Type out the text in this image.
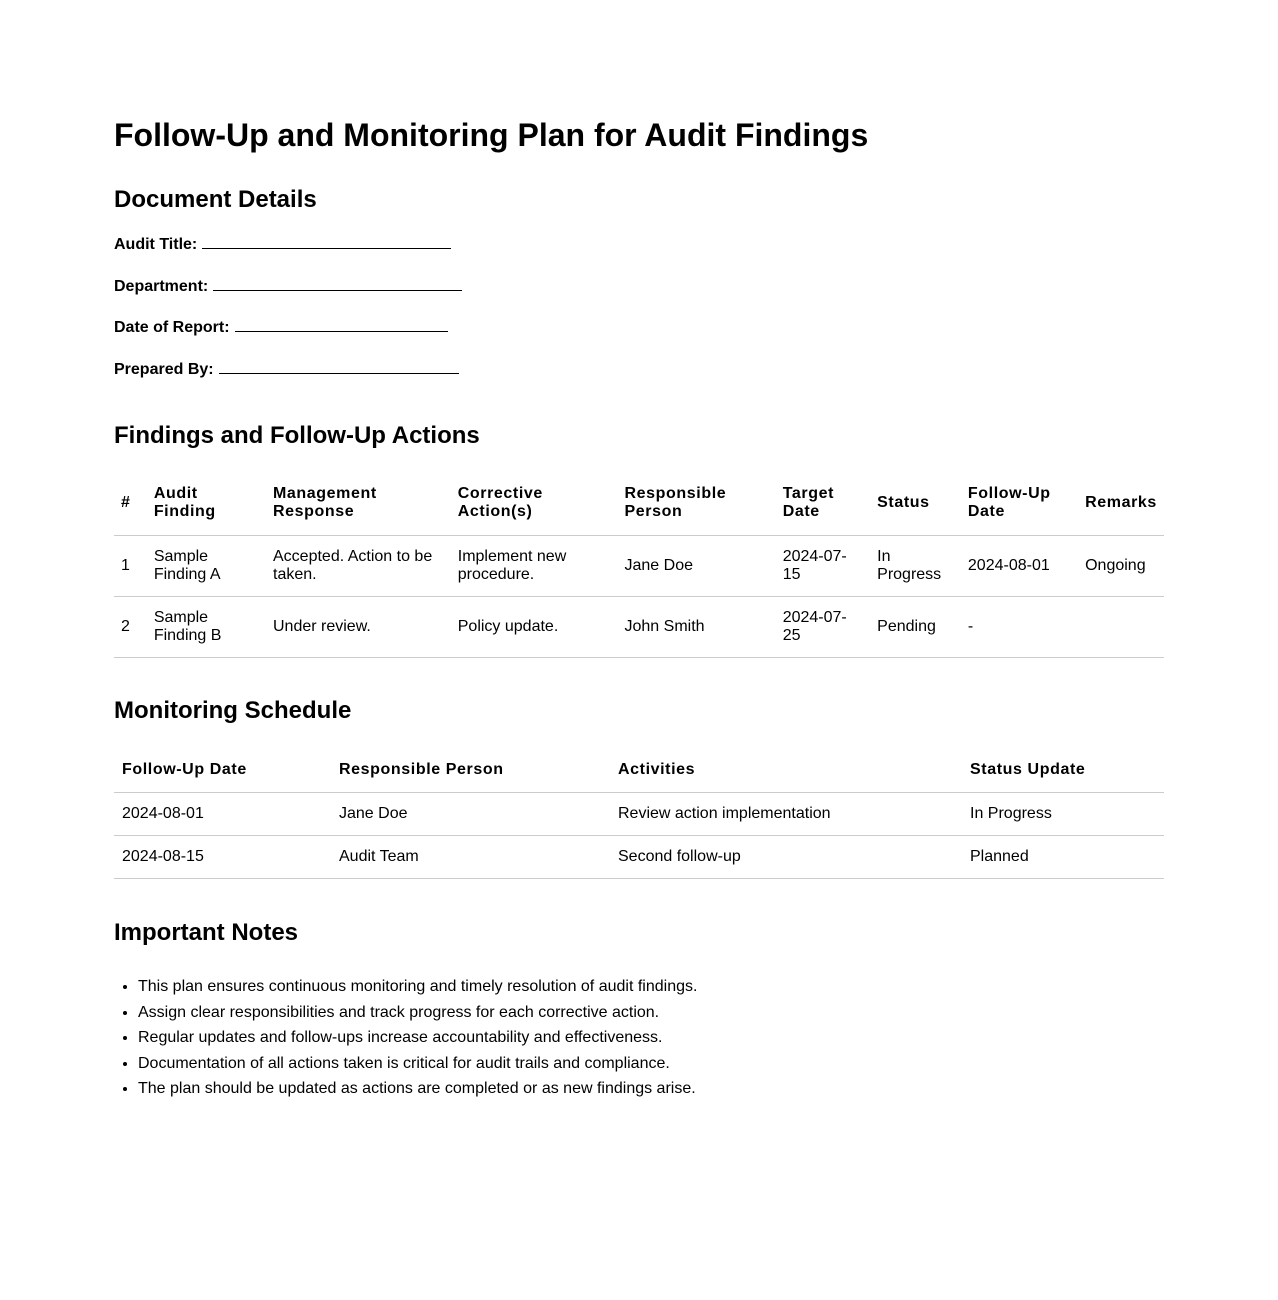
Follow-Up and Monitoring Plan for Audit Findings
Document Details
Audit Title:
Department:
Date of Report:
Prepared By:
Findings and Follow-Up Actions
#	Audit Finding	Management Response	Corrective Action(s)	Responsible Person	Target Date	Status	Follow-Up Date	Remarks
1	Sample Finding A	Accepted. Action to be taken.	Implement new procedure.	Jane Doe	2024-07-15	In Progress	2024-08-01	Ongoing
2	Sample Finding B	Under review.	Policy update.	John Smith	2024-07-25	Pending	-	
Monitoring Schedule
Follow-Up Date	Responsible Person	Activities	Status Update
2024-08-01	Jane Doe	Review action implementation	In Progress
2024-08-15	Audit Team	Second follow-up	Planned
Important Notes
• This plan ensures continuous monitoring and timely resolution of audit findings.
• Assign clear responsibilities and track progress for each corrective action.
• Regular updates and follow-ups increase accountability and effectiveness.
• Documentation of all actions taken is critical for audit trails and compliance.
• The plan should be updated as actions are completed or as new findings arise.
